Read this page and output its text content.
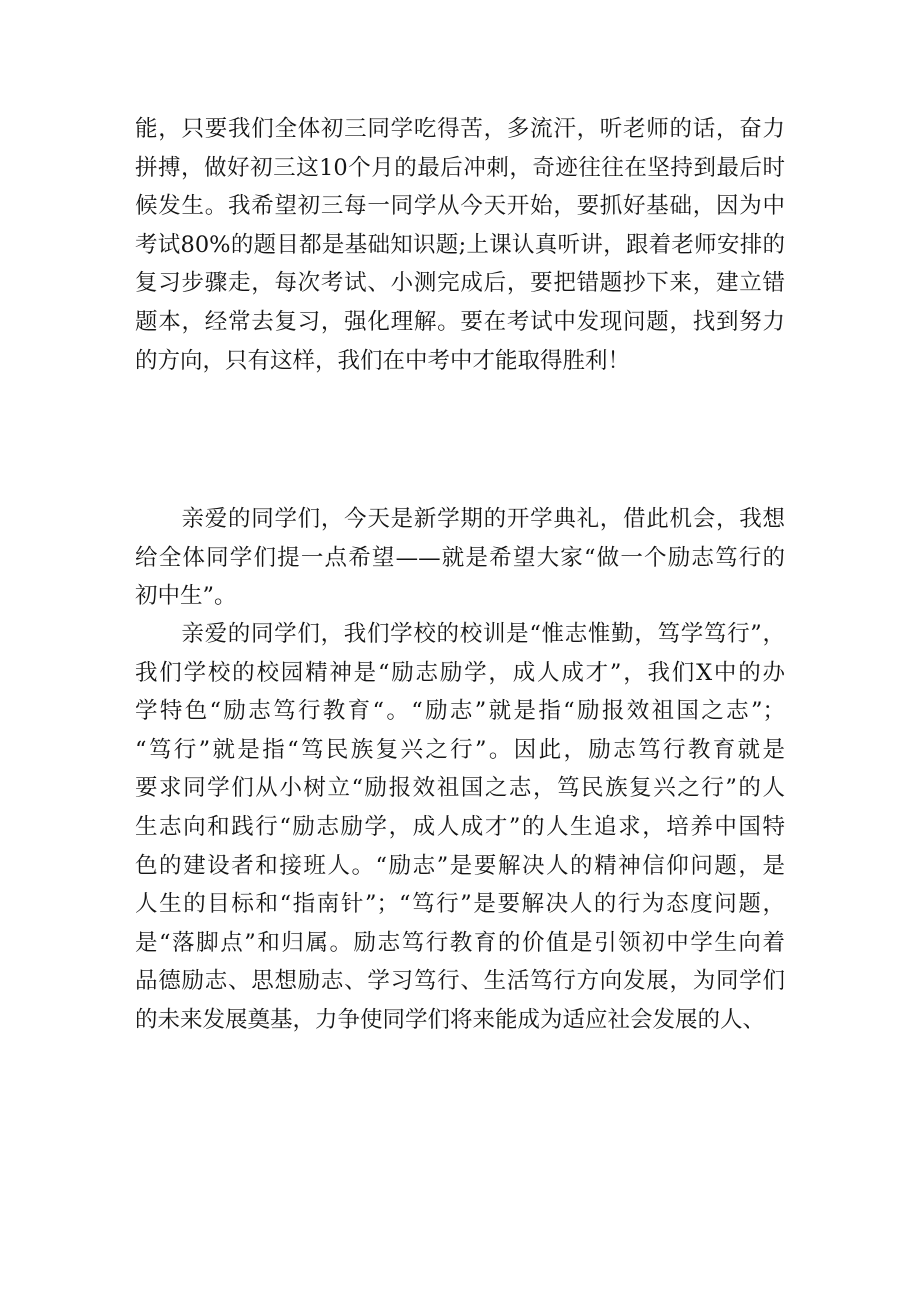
能，只要我们全体初三同学吃得苦，多流汗，听老师的话，奋力
拼搏，做好初三这10个月的最后冲刺，奇迹往往在坚持到最后时
候发生。我希望初三每一同学从今天开始，要抓好基础，因为中
考试80%的题目都是基础知识题;上课认真听讲，跟着老师安排的
复习步骤走，每次考试、小测完成后，要把错题抄下来，建立错
题本，经常去复习，强化理解。要在考试中发现问题，找到努力
的方向，只有这样，我们在中考中才能取得胜利！

　　亲爱的同学们，今天是新学期的开学典礼，借此机会，我想
给全体同学们提一点希望——就是希望大家“做一个励志笃行的
初中生”。

　　亲爱的同学们，我们学校的校训是“惟志惟勤，笃学笃行”，
我们学校的校园精神是“励志励学，成人成才”，我们X中的办
学特色“励志笃行教育“。“励志”就是指“励报效祖国之志”；
“笃行”就是指“笃民族复兴之行”。因此，励志笃行教育就是
要求同学们从小树立“励报效祖国之志，笃民族复兴之行”的人
生志向和践行“励志励学，成人成才”的人生追求，培养中国特
色的建设者和接班人。“励志”是要解决人的精神信仰问题，是
人生的目标和“指南针”；“笃行”是要解决人的行为态度问题，
是“落脚点”和归属。励志笃行教育的价值是引领初中学生向着
品德励志、思想励志、学习笃行、生活笃行方向发展，为同学们
的未来发展奠基，力争使同学们将来能成为适应社会发展的人、
